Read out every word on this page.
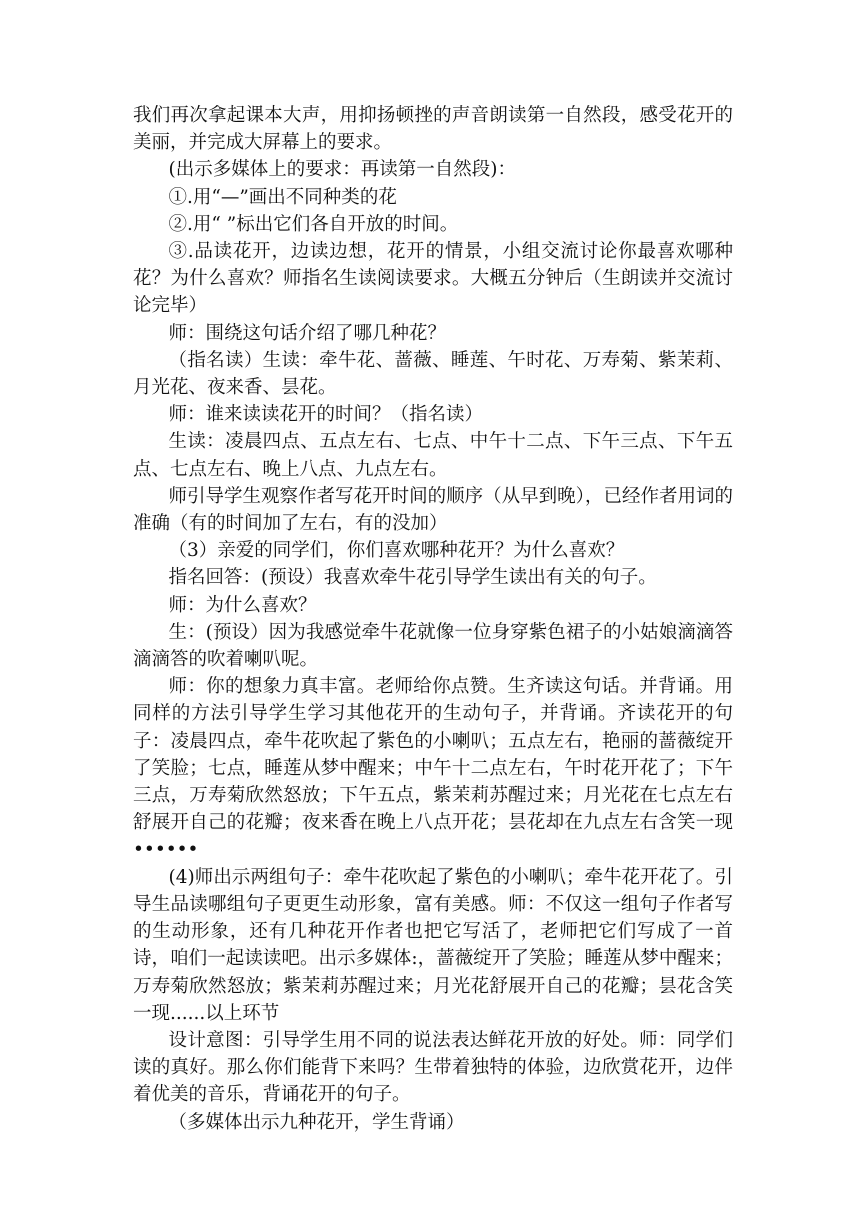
我们再次拿起课本大声，用抑扬顿挫的声音朗读第一自然段，感受花开的美丽，并完成大屏幕上的要求。

(出示多媒体上的要求：再读第一自然段)：

①.用“—”画出不同种类的花

②.用“ ”标出它们各自开放的时间。

③.品读花开，边读边想，花开的情景，小组交流讨论你最喜欢哪种花？为什么喜欢？师指名生读阅读要求。大概五分钟后（生朗读并交流讨论完毕）

师：围绕这句话介绍了哪几种花？

（指名读）生读：牵牛花、蔷薇、睡莲、午时花、万寿菊、紫茉莉、月光花、夜来香、昙花。

师：谁来读读花开的时间？（指名读）

生读：凌晨四点、五点左右、七点、中午十二点、下午三点、下午五点、七点左右、晚上八点、九点左右。

师引导学生观察作者写花开时间的顺序（从早到晚），已经作者用词的准确（有的时间加了左右，有的没加）

（3）亲爱的同学们，你们喜欢哪种花开？为什么喜欢？

指名回答：(预设）我喜欢牵牛花引导学生读出有关的句子。

师：为什么喜欢？

生：(预设）因为我感觉牵牛花就像一位身穿紫色裙子的小姑娘滴滴答滴滴答的吹着喇叭呢。

师：你的想象力真丰富。老师给你点赞。生齐读这句话。并背诵。用同样的方法引导学生学习其他花开的生动句子，并背诵。齐读花开的句子：凌晨四点，牵牛花吹起了紫色的小喇叭；五点左右，艳丽的蔷薇绽开了笑脸；七点，睡莲从梦中醒来；中午十二点左右，午时花开花了；下午三点，万寿菊欣然怒放；下午五点，紫茉莉苏醒过来；月光花在七点左右舒展开自己的花瓣；夜来香在晚上八点开花；昙花却在九点左右含笑一现 ••••••

(4)师出示两组句子：牵牛花吹起了紫色的小喇叭；牵牛花开花了。引导生品读哪组句子更更生动形象，富有美感。师：不仅这一组句子作者写的生动形象，还有几种花开作者也把它写活了，老师把它们写成了一首诗，咱们一起读读吧。出示多媒体:，蔷薇绽开了笑脸；睡莲从梦中醒来；万寿菊欣然怒放；紫茉莉苏醒过来；月光花舒展开自己的花瓣；昙花含笑一现......以上环节

设计意图：引导学生用不同的说法表达鲜花开放的好处。师：同学们读的真好。那么你们能背下来吗？生带着独特的体验，边欣赏花开，边伴着优美的音乐，背诵花开的句子。

（多媒体出示九种花开，学生背诵）
